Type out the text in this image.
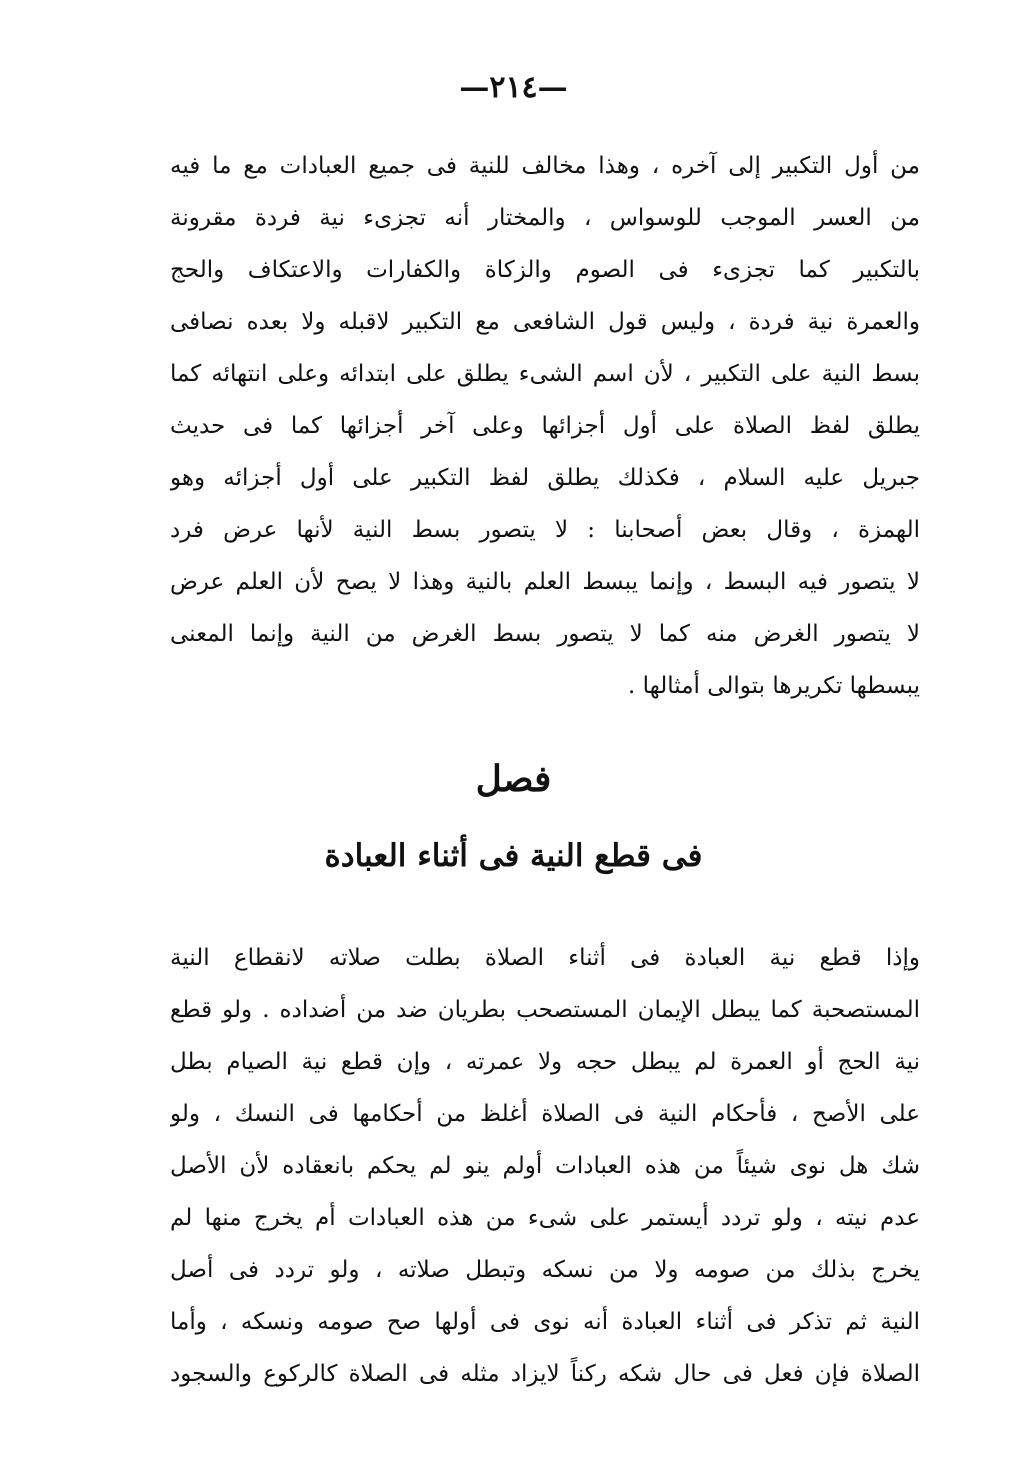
—٢١٤—
من أول التكبير إلى آخره ، وهذا مخالف للنية فى جميع العبادات مع ما فيه
من العسر الموجب للوسواس ، والمختار أنه تجزىء نية فردة مقرونة
بالتكبير كما تجزىء فى الصوم والزكاة والكفارات والاعتكاف والحج
والعمرة نية فردة ، وليس قول الشافعى مع التكبير لاقبله ولا بعده نصافى
بسط النية على التكبير ، لأن اسم الشىء يطلق على ابتدائه وعلى انتهائه كما
يطلق لفظ الصلاة على أول أجزائها وعلى آخر أجزائها كما فى حديث
جبريل عليه السلام ، فكذلك يطلق لفظ التكبير على أول أجزائه وهو
الهمزة ، وقال بعض أصحابنا : لا يتصور بسط النية لأنها عرض فرد
لا يتصور فيه البسط ، وإنما يبسط العلم بالنية وهذا لا يصح لأن العلم عرض
لا يتصور الغرض منه كما لا يتصور بسط الغرض من النية وإنما المعنى
يبسطها تكريرها بتوالى أمثالها .
فصل
فى قطع النية فى أثناء العبادة
وإذا قطع نية العبادة فى أثناء الصلاة بطلت صلاته لانقطاع النية
المستصحبة كما يبطل الإيمان المستصحب بطريان ضد من أضداده . ولو قطع
نية الحج أو العمرة لم يبطل حجه ولا عمرته ، وإن قطع نية الصيام بطل
على الأصح ، فأحكام النية فى الصلاة أغلظ من أحكامها فى النسك ، ولو
شك هل نوى شيئاً من هذه العبادات أولم ينو لم يحكم بانعقاده لأن الأصل
عدم نيته ، ولو تردد أيستمر على شىء من هذه العبادات أم يخرج منها لم
يخرج بذلك من صومه ولا من نسكه وتبطل صلاته ، ولو تردد فى أصل
النية ثم تذكر فى أثناء العبادة أنه نوى فى أولها صح صومه ونسكه ، وأما
الصلاة فإن فعل فى حال شكه ركناً لايزاد مثله فى الصلاة كالركوع والسجود
